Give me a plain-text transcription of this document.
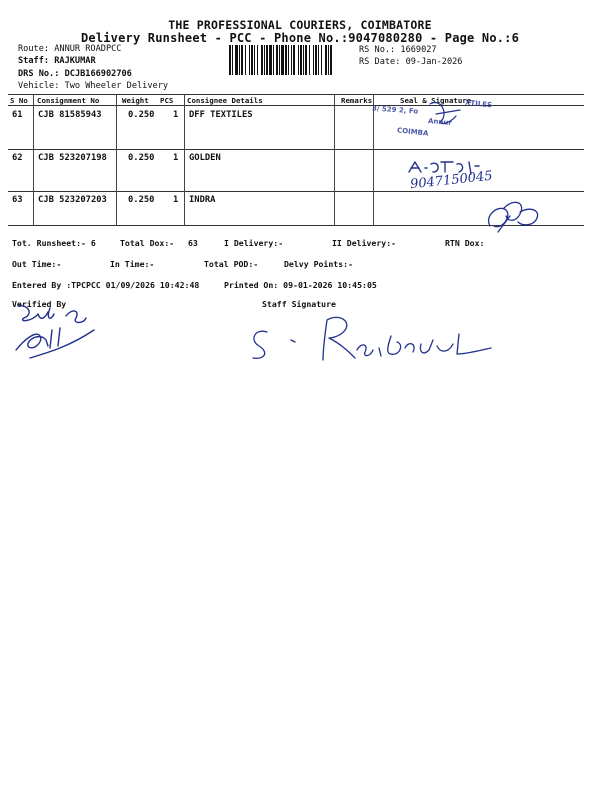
THE PROFESSIONAL COURIERS, COIMBATORE
Delivery Runsheet - PCC - Phone No.:9047080280 - Page No.:6
Route: ANNUR ROADPCC
Staff: RAJKUMAR
DRS No.: DCJB166902706
Vehicle: Two Wheeler Delivery
RS No.: 1669027
RS Date: 09-Jan-2026
S No Consignment No	Weight PCS Consignee Details	Remarks	Seal & Signature
61 CJB 81585943	0.250 1 DFF TEXTILES
62 CJB 523207198 0.250 1 GOLDEN
63 CJB 523207203 0.250 1 INDRA
XTILES
3/ 529 2, Fo
Annur
COIMBA
9047150045
Tot. Runsheet:- 6	Total Dox:- 63	I Delivery:-	II Delivery:-	RTN Dox:
Out Time:-	In Time:-	Total POD:-	Delvy Points:-
Entered By :TPCPCC 01/09/2026 10:42:48	Printed On: 09-01-2026 10:45:05
Verified By	Staff Signature
